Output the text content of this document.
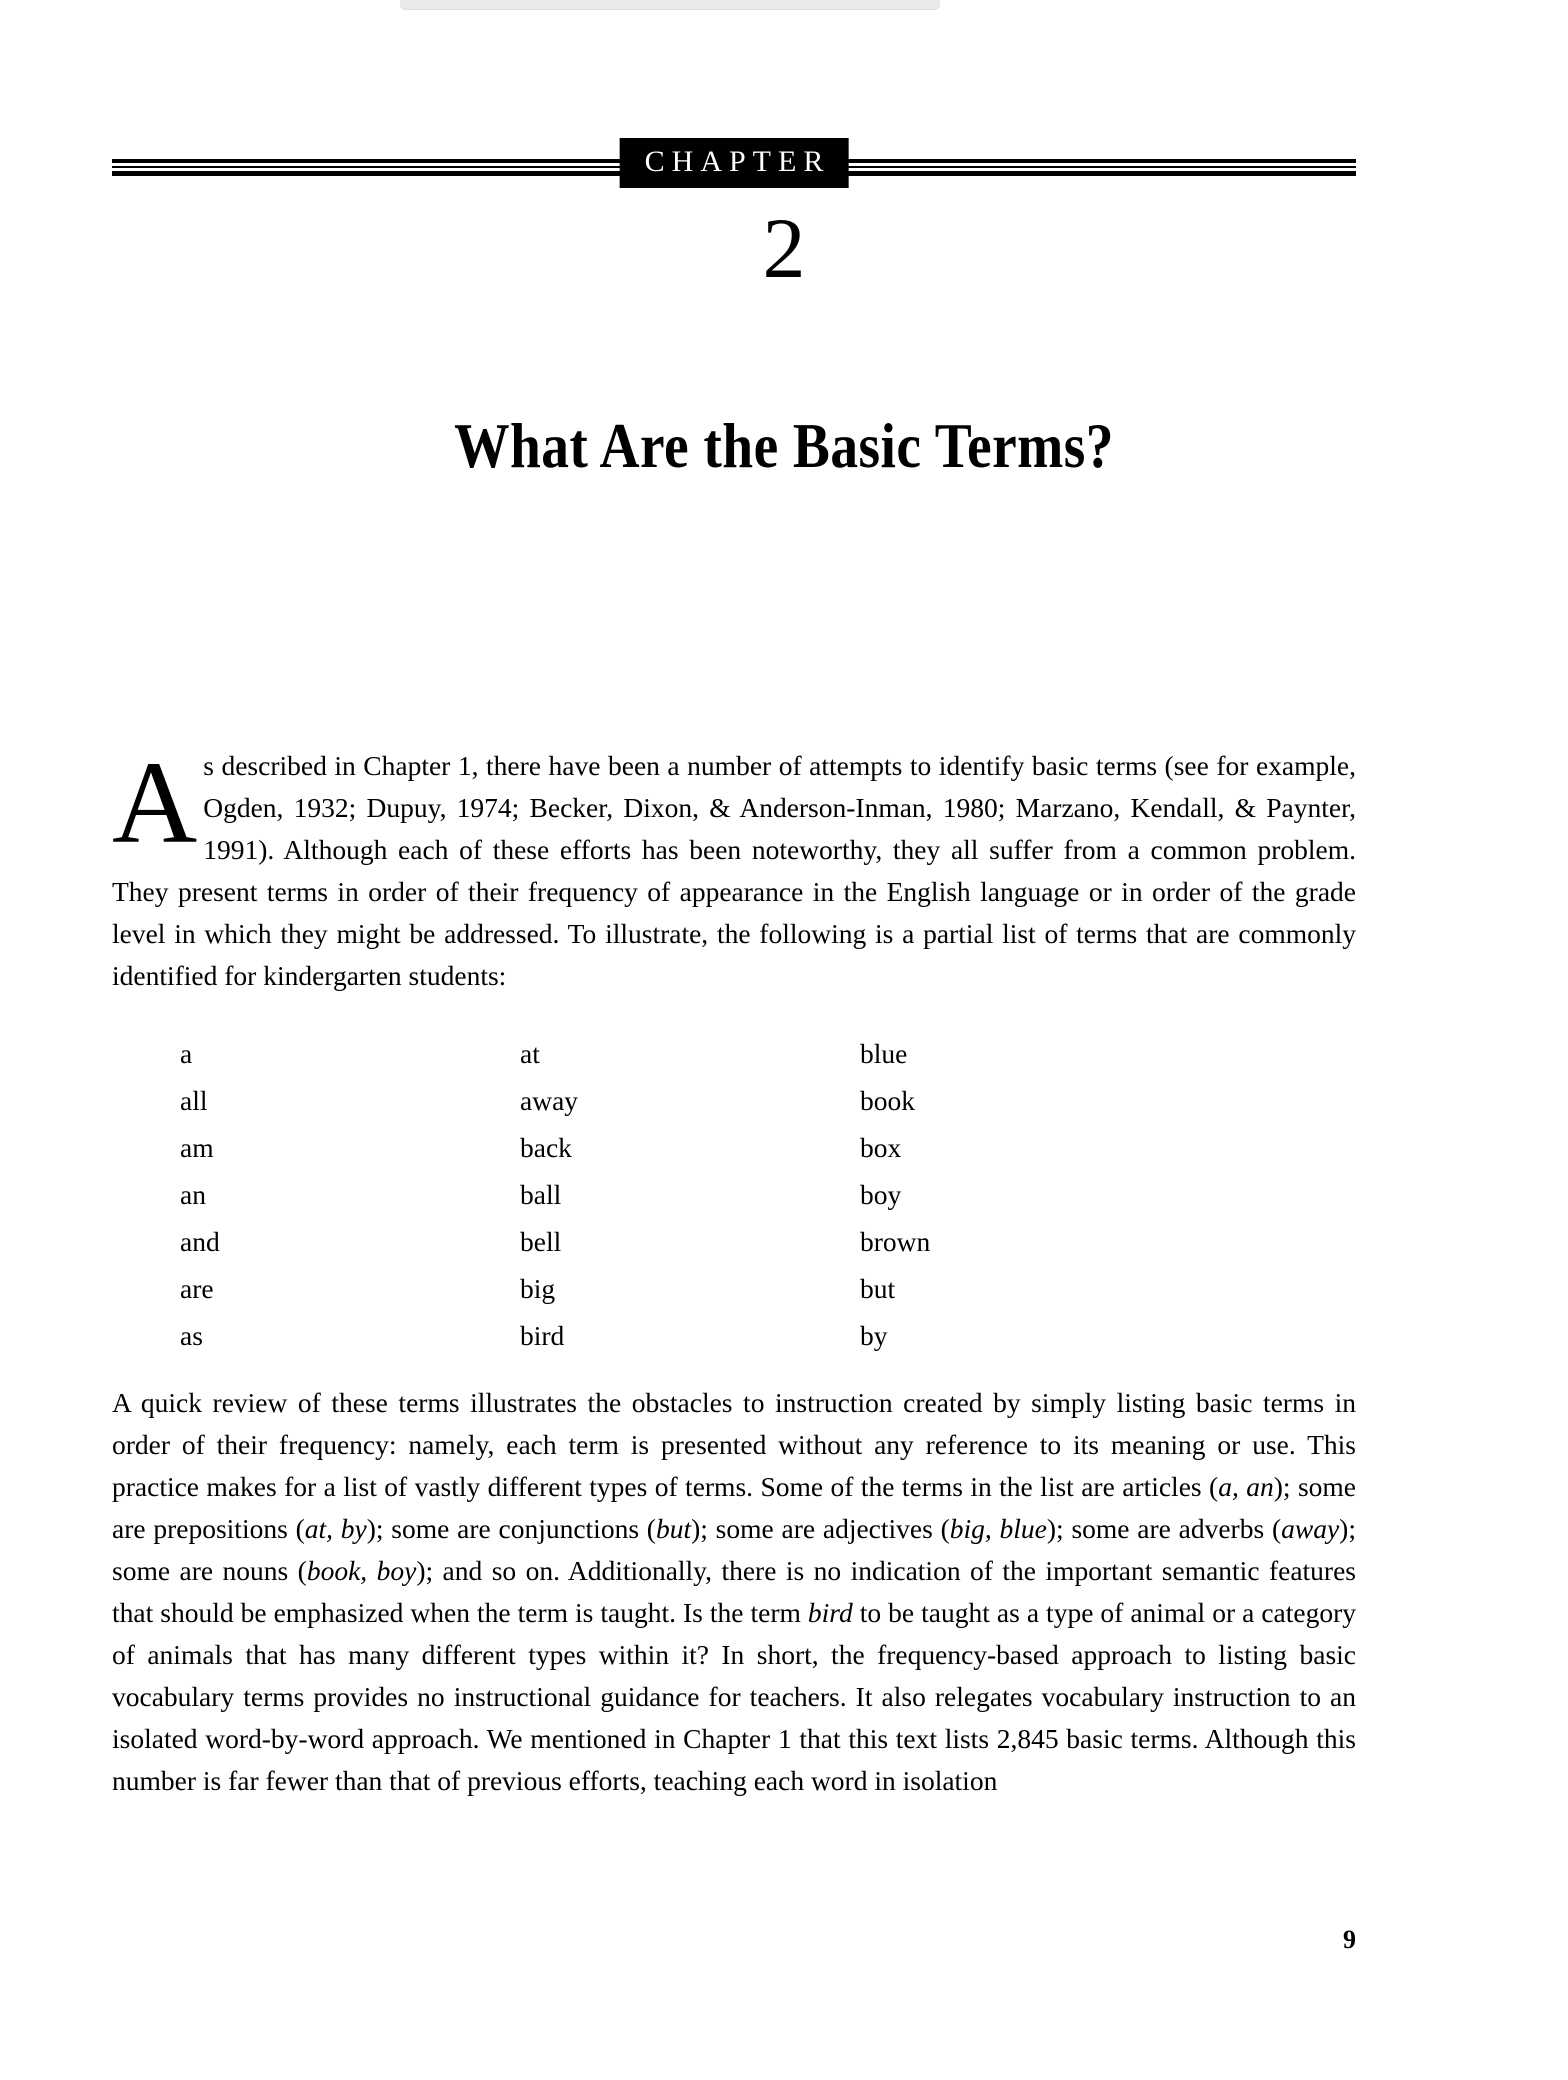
CHAPTER
2
What Are the Basic Terms?

As described in Chapter 1, there have been a number of attempts to identify basic terms (see for example, Ogden, 1932; Dupuy, 1974; Becker, Dixon, & Anderson-Inman, 1980; Marzano, Kendall, & Paynter, 1991). Although each of these efforts has been noteworthy, they all suffer from a common problem. They present terms in order of their frequency of appearance in the English language or in order of the grade level in which they might be addressed. To illustrate, the following is a partial list of terms that are commonly identified for kindergarten students:

a
all
am
an
and
are
as
at
away
back
ball
bell
big
bird
blue
book
box
boy
brown
but
by

A quick review of these terms illustrates the obstacles to instruction created by simply listing basic terms in order of their frequency: namely, each term is presented without any reference to its meaning or use. This practice makes for a list of vastly different types of terms. Some of the terms in the list are articles (a, an); some are prepositions (at, by); some are conjunctions (but); some are adjectives (big, blue); some are adverbs (away); some are nouns (book, boy); and so on. Additionally, there is no indication of the important semantic features that should be emphasized when the term is taught. Is the term bird to be taught as a type of animal or a category of animals that has many different types within it? In short, the frequency-based approach to listing basic vocabulary terms provides no instructional guidance for teachers. It also relegates vocabulary instruction to an isolated word-by-word approach. We mentioned in Chapter 1 that this text lists 2,845 basic terms. Although this number is far fewer than that of previous efforts, teaching each word in isolation

9
